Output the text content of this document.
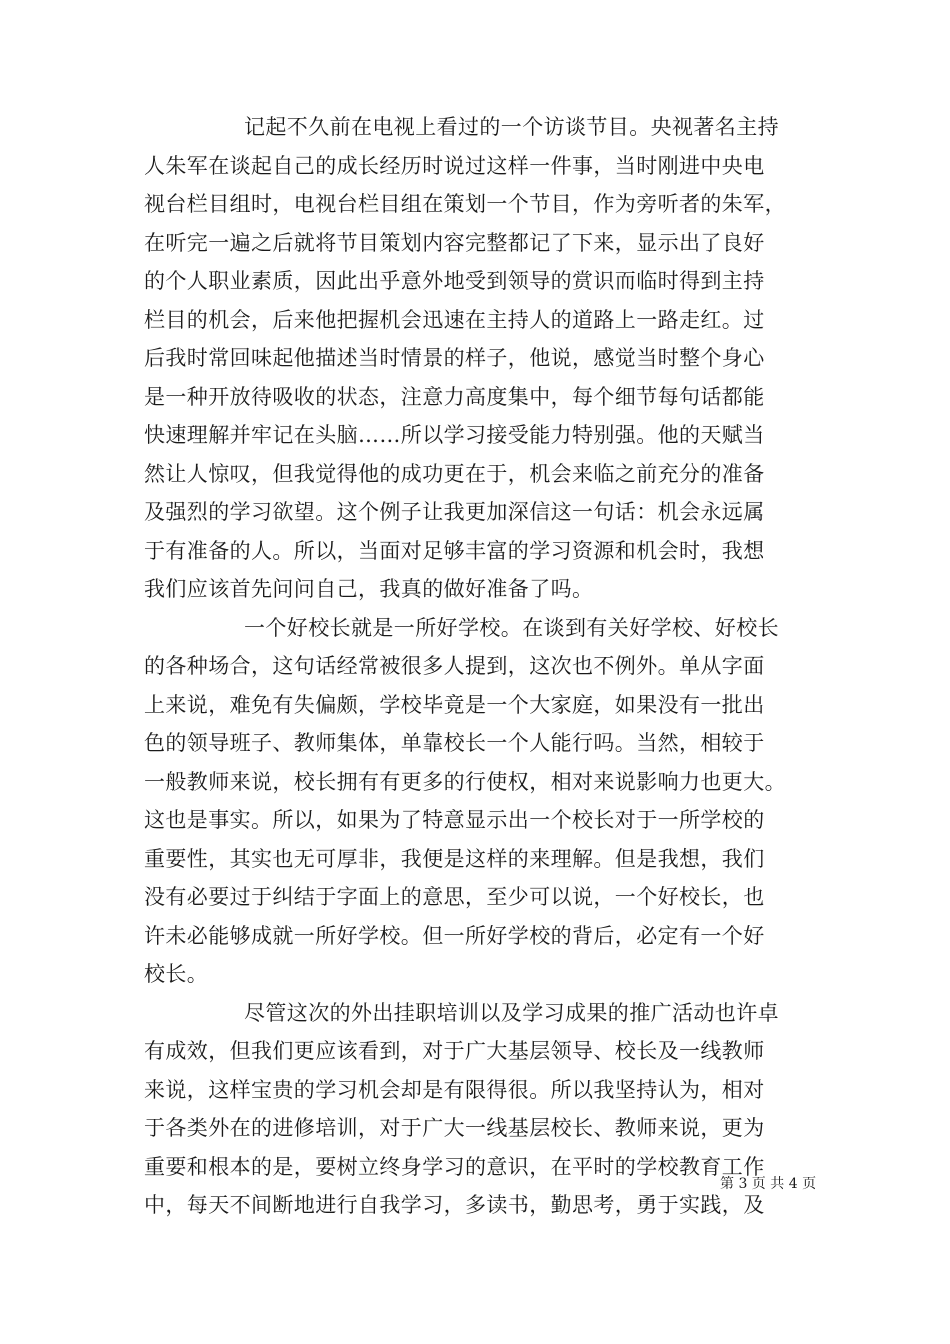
记起不久前在电视上看过的一个访谈节目。央视著名主持
人朱军在谈起自己的成长经历时说过这样一件事，当时刚进中央电
视台栏目组时，电视台栏目组在策划一个节目，作为旁听者的朱军，
在听完一遍之后就将节目策划内容完整都记了下来，显示出了良好
的个人职业素质，因此出乎意外地受到领导的赏识而临时得到主持
栏目的机会，后来他把握机会迅速在主持人的道路上一路走红。过
后我时常回味起他描述当时情景的样子，他说，感觉当时整个身心
是一种开放待吸收的状态，注意力高度集中，每个细节每句话都能
快速理解并牢记在头脑……所以学习接受能力特别强。他的天赋当
然让人惊叹，但我觉得他的成功更在于，机会来临之前充分的准备
及强烈的学习欲望。这个例子让我更加深信这一句话：机会永远属
于有准备的人。所以，当面对足够丰富的学习资源和机会时，我想
我们应该首先问问自己，我真的做好准备了吗。
一个好校长就是一所好学校。在谈到有关好学校、好校长
的各种场合，这句话经常被很多人提到，这次也不例外。单从字面
上来说，难免有失偏颇，学校毕竟是一个大家庭，如果没有一批出
色的领导班子、教师集体，单靠校长一个人能行吗。当然，相较于
一般教师来说，校长拥有有更多的行使权，相对来说影响力也更大。
这也是事实。所以，如果为了特意显示出一个校长对于一所学校的
重要性，其实也无可厚非，我便是这样的来理解。但是我想，我们
没有必要过于纠结于字面上的意思，至少可以说，一个好校长，也
许未必能够成就一所好学校。但一所好学校的背后，必定有一个好
校长。
尽管这次的外出挂职培训以及学习成果的推广活动也许卓
有成效，但我们更应该看到，对于广大基层领导、校长及一线教师
来说，这样宝贵的学习机会却是有限得很。所以我坚持认为，相对
于各类外在的进修培训，对于广大一线基层校长、教师来说，更为
重要和根本的是，要树立终身学习的意识，在平时的学校教育工作
中，每天不间断地进行自我学习，多读书，勤思考，勇于实践，及
第 3 页 共 4 页
